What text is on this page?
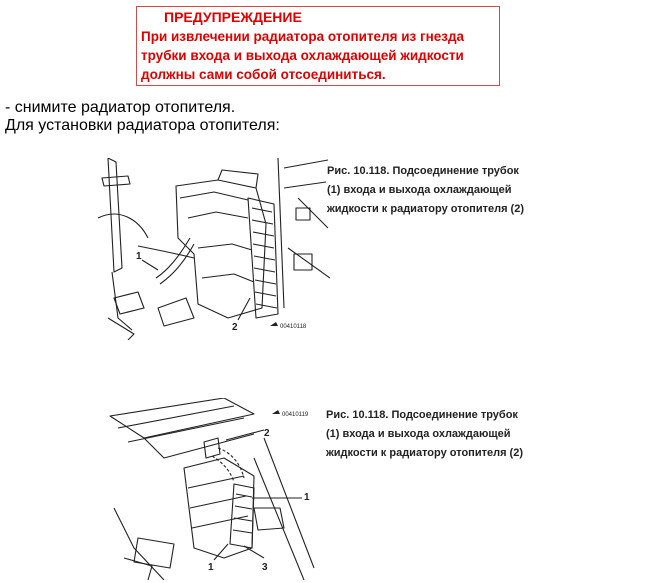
ПРЕДУПРЕЖДЕНИЕ
При извлечении радиатора отопителя из гнезда
трубки входа и выхода охлаждающей жидкости
должны сами собой отсоединиться.
- снимите радиатор отопителя.
Для установки радиатора отопителя:
1
2	00410118
Рис. 10.118. Подсоединение трубок
(1) входа и выхода охлаждающей
жидкости к радиатору отопителя (2)
2
1
1	3
00410119 Рис. 10.118. Подсоединение трубок
(1) входа и выхода охлаждающей
жидкости к радиатору отопителя (2)
